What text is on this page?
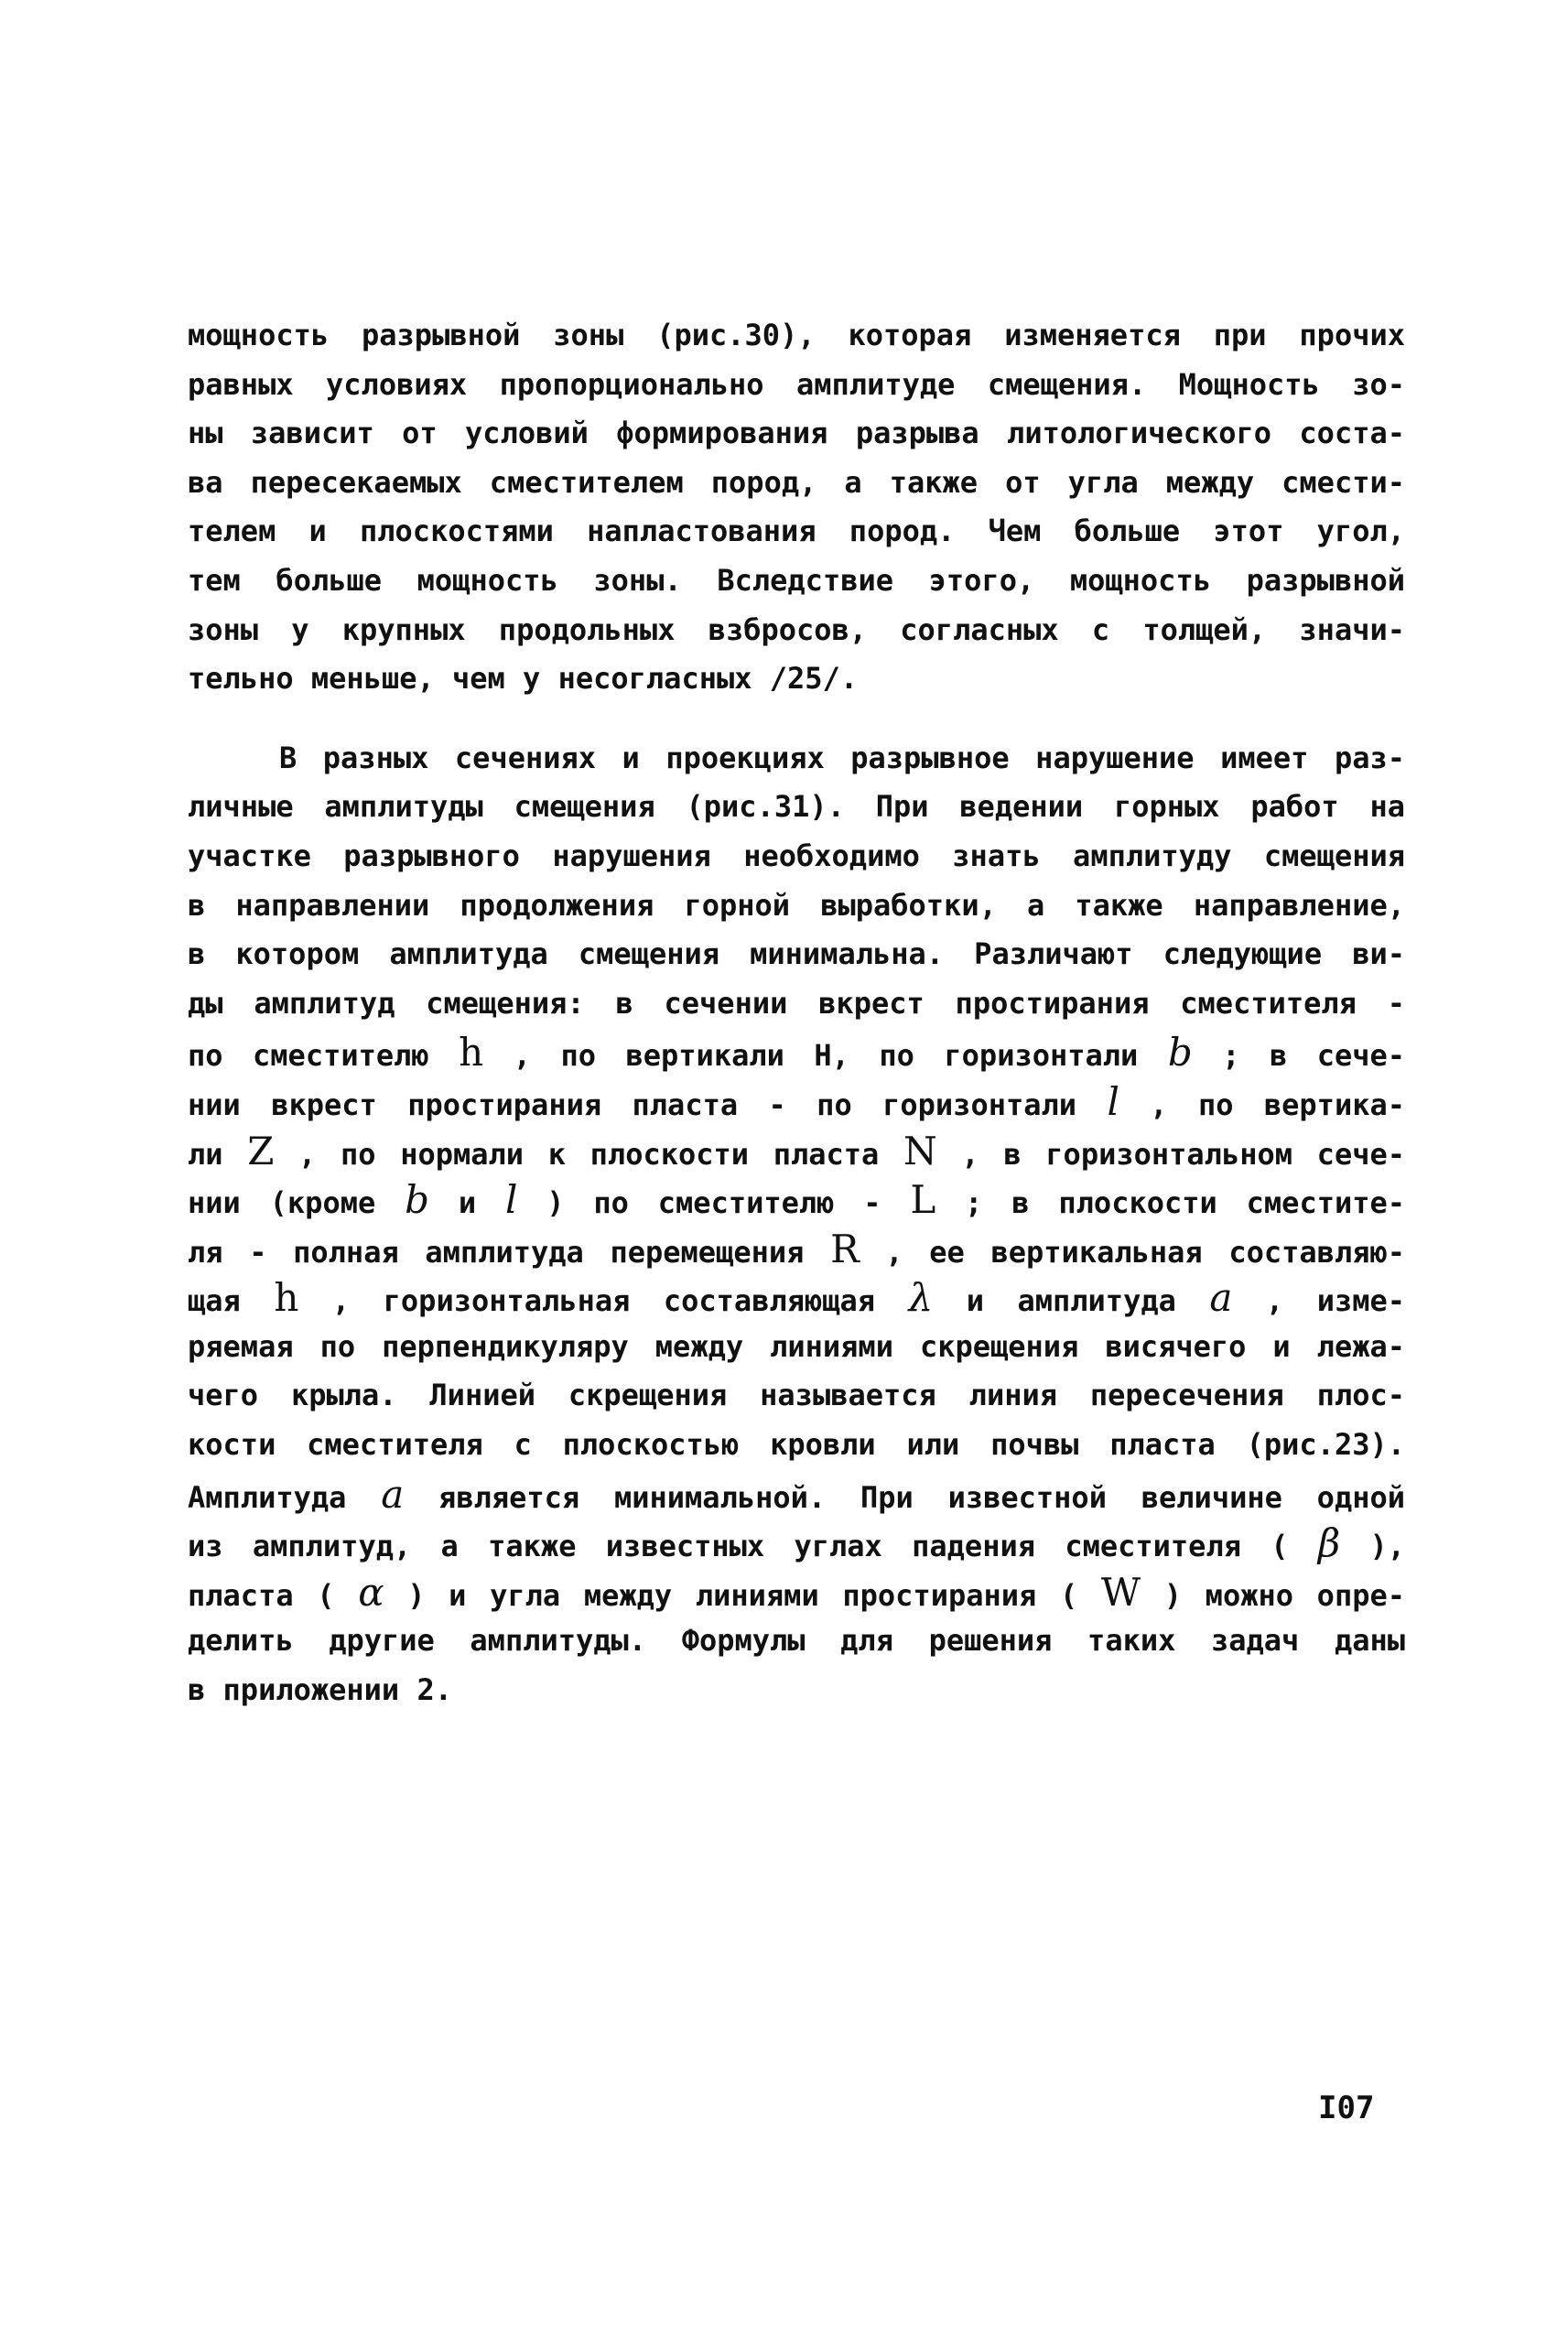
мощность разрывной зоны (рис.30), которая изменяется при прочих
равных условиях пропорционально амплитуде смещения. Мощность зо-
ны зависит от условий формирования разрыва литологического соста-
ва пересекаемых сместителем пород, а также от угла между смести-
телем и плоскостями напластования пород. Чем больше этот угол,
тем больше мощность зоны. Вследствие этого, мощность разрывной
зоны у крупных продольных взбросов, согласных с толщей, значи-
тельно меньше, чем у несогласных /25/.
В разных сечениях и проекциях разрывное нарушение имеет раз-
личные амплитуды смещения (рис.31). При ведении горных работ на
участке разрывного нарушения необходимо знать амплитуду смещения
в направлении продолжения горной выработки, а также направление,
в котором амплитуда смещения минимальна. Различают следующие ви-
ды амплитуд смещения: в сечении вкрест простирания сместителя -
по сместителю h , по вертикали H, по горизонтали b ; в сече-
нии вкрест простирания пласта - по горизонтали l , по вертика-
ли Z , по нормали к плоскости пласта N , в горизонтальном сече-
нии (кроме b и l ) по сместителю - L ; в плоскости сместите-
ля - полная амплитуда перемещения R , ее вертикальная составляю-
щая h , горизонтальная составляющая λ и амплитуда a , изме-
ряемая по перпендикуляру между линиями скрещения висячего и лежа-
чего крыла. Линией скрещения называется линия пересечения плос-
кости сместителя с плоскостью кровли или почвы пласта (рис.23).
Амплитуда a является минимальной. При известной величине одной
из амплитуд, а также известных углах падения сместителя ( β ),
пласта ( α ) и угла между линиями простирания ( W ) можно опре-
делить другие амплитуды. Формулы для решения таких задач даны
в приложении 2.
I07
